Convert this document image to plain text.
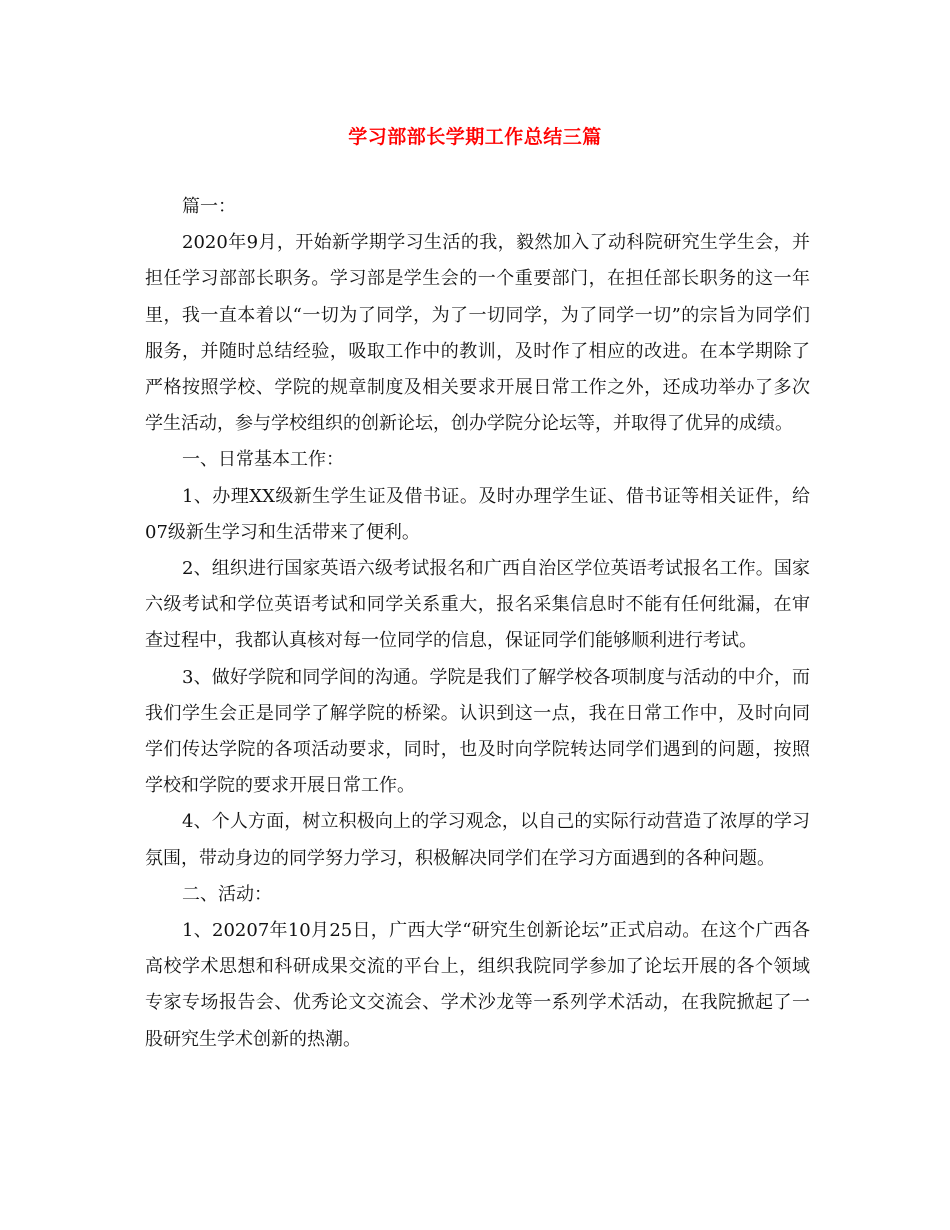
学习部部长学期工作总结三篇

篇一：

2020年9月，开始新学期学习生活的我，毅然加入了动科院研究生学生会，并担任学习部部长职务。学习部是学生会的一个重要部门，在担任部长职务的这一年里，我一直本着以“一切为了同学，为了一切同学，为了同学一切”的宗旨为同学们服务，并随时总结经验，吸取工作中的教训，及时作了相应的改进。在本学期除了严格按照学校、学院的规章制度及相关要求开展日常工作之外，还成功举办了多次学生活动，参与学校组织的创新论坛，创办学院分论坛等，并取得了优异的成绩。

一、日常基本工作：

1、办理XX级新生学生证及借书证。及时办理学生证、借书证等相关证件，给07级新生学习和生活带来了便利。

2、组织进行国家英语六级考试报名和广西自治区学位英语考试报名工作。国家六级考试和学位英语考试和同学关系重大，报名采集信息时不能有任何纰漏，在审查过程中，我都认真核对每一位同学的信息，保证同学们能够顺利进行考试。

3、做好学院和同学间的沟通。学院是我们了解学校各项制度与活动的中介，而我们学生会正是同学了解学院的桥梁。认识到这一点，我在日常工作中，及时向同学们传达学院的各项活动要求，同时，也及时向学院转达同学们遇到的问题，按照学校和学院的要求开展日常工作。

4、个人方面，树立积极向上的学习观念，以自己的实际行动营造了浓厚的学习氛围，带动身边的同学努力学习，积极解决同学们在学习方面遇到的各种问题。

二、活动：

1、20207年10月25日，广西大学“研究生创新论坛”正式启动。在这个广西各高校学术思想和科研成果交流的平台上，组织我院同学参加了论坛开展的各个领域专家专场报告会、优秀论文交流会、学术沙龙等一系列学术活动，在我院掀起了一股研究生学术创新的热潮。
